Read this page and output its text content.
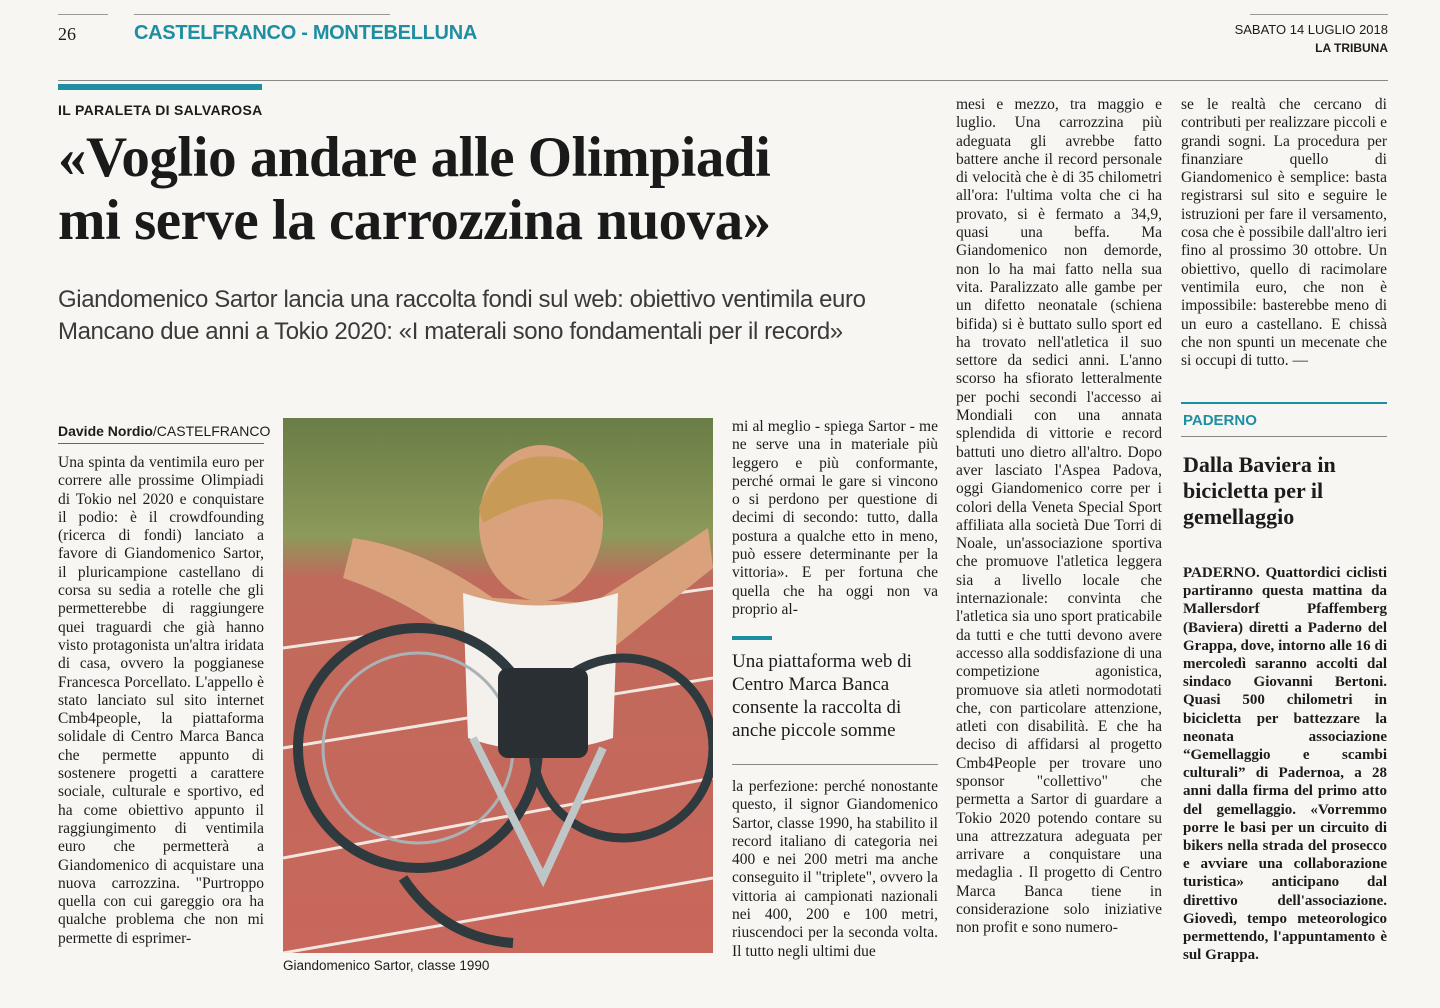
26	CASTELFRANCO - MONTEBELLUNA	SABATO 14 LUGLIO 2018
LA TRIBUNA
IL PARALETA DI SALVAROSA
«Voglio andare alle Olimpiadi
mi serve la carrozzina nuova»
Giandomenico Sartor lancia una raccolta fondi sul web: obiettivo ventimila euro
Mancano due anni a Tokio 2020: «I materali sono fondamentali per il record»
Davide Nordio/CASTELFRANCO
Una spinta da ventimila euro per correre alle prossime Olimpiadi di Tokio nel 2020 e conquistare il podio: è il crowdfounding (ricerca di fondi) lanciato a favore di Giandomenico Sartor, il pluricampione castellano di corsa su sedia a rotelle che gli permetterebbe di raggiungere quei traguardi che già hanno visto protagonista un'altra iridata di casa, ovvero la poggianese Francesca Porcellato. L'appello è stato lanciato sul sito internet Cmb4people, la piattaforma solidale di Centro Marca Banca che permette appunto di sostenere progetti a carattere sociale, culturale e sportivo, ed ha come obiettivo appunto il raggiungimento di ventimila euro che permetterà a Giandomenico di acquistare una nuova carrozzina. "Purtroppo quella con cui gareggio ora ha qualche problema che non mi permette di esprimer-
Giandomenico Sartor, classe 1990
mi al meglio - spiega Sartor - me ne serve una in materiale più leggero e più conformante, perché ormai le gare si vincono o si perdono per questione di decimi di secondo: tutto, dalla postura a qualche etto in meno, può essere determinante per la vittoria». E per fortuna che quella che ha oggi non va proprio al-
Una piattaforma web di Centro Marca Banca consente la raccolta di anche piccole somme
la perfezione: perché nonostante questo, il signor Giandomenico Sartor, classe 1990, ha stabilito il record italiano di categoria nei 400 e nei 200 metri ma anche conseguito il "triplete", ovvero la vittoria ai campionati nazionali nei 400, 200 e 100 metri, riuscendoci per la seconda volta. Il tutto negli ultimi due
mesi e mezzo, tra maggio e luglio. Una carrozzina più adeguata gli avrebbe fatto battere anche il record personale di velocità che è di 35 chilometri all'ora: l'ultima volta che ci ha provato, si è fermato a 34,9, quasi una beffa. Ma Giandomenico non demorde, non lo ha mai fatto nella sua vita. Paralizzato alle gambe per un difetto neonatale (schiena bifida) si è buttato sullo sport ed ha trovato nell'atletica il suo settore da sedici anni. L'anno scorso ha sfiorato letteralmente per pochi secondi l'accesso ai Mondiali con una annata splendida di vittorie e record battuti uno dietro all'altro. Dopo aver lasciato l'Aspea Padova, oggi Giandomenico corre per i colori della Veneta Special Sport affiliata alla società Due Torri di Noale, un'associazione sportiva che promuove l'atletica leggera sia a livello locale che internazionale: convinta che l'atletica sia uno sport praticabile da tutti e che tutti devono avere accesso alla soddisfazione di una competizione agonistica, promuove sia atleti normodotati che, con particolare attenzione, atleti con disabilità. E che ha deciso di affidarsi al progetto Cmb4People per trovare uno sponsor "collettivo" che permetta a Sartor di guardare a Tokio 2020 potendo contare su una attrezzatura adeguata per arrivare a conquistare una medaglia . Il progetto di Centro Marca Banca tiene in considerazione solo iniziative non profit e sono numero-
se le realtà che cercano di contributi per realizzare piccoli e grandi sogni. La procedura per finanziare quello di Giandomenico è semplice: basta registrarsi sul sito e seguire le istruzioni per fare il versamento, cosa che è possibile dall'altro ieri fino al prossimo 30 ottobre. Un obiettivo, quello di racimolare ventimila euro, che non è impossibile: basterebbe meno di un euro a castellano. E chissà che non spunti un mecenate che si occupi di tutto. —
PADERNO
Dalla Baviera in bicicletta per il gemellaggio
PADERNO. Quattordici ciclisti partiranno questa mattina da Mallersdorf Pfaffemberg (Baviera) diretti a Paderno del Grappa, dove, intorno alle 16 di mercoledì saranno accolti dal sindaco Giovanni Bertoni. Quasi 500 chilometri in bicicletta per battezzare la neonata associazione “Gemellaggio e scambi culturali” di Padernoa, a 28 anni dalla firma del primo atto del gemellaggio. «Vorremmo porre le basi per un circuito di bikers nella strada del prosecco e avviare una collaborazione turistica» anticipano dal direttivo dell'associazione. Giovedì, tempo meteorologico permettendo, l'appuntamento è sul Grappa.
